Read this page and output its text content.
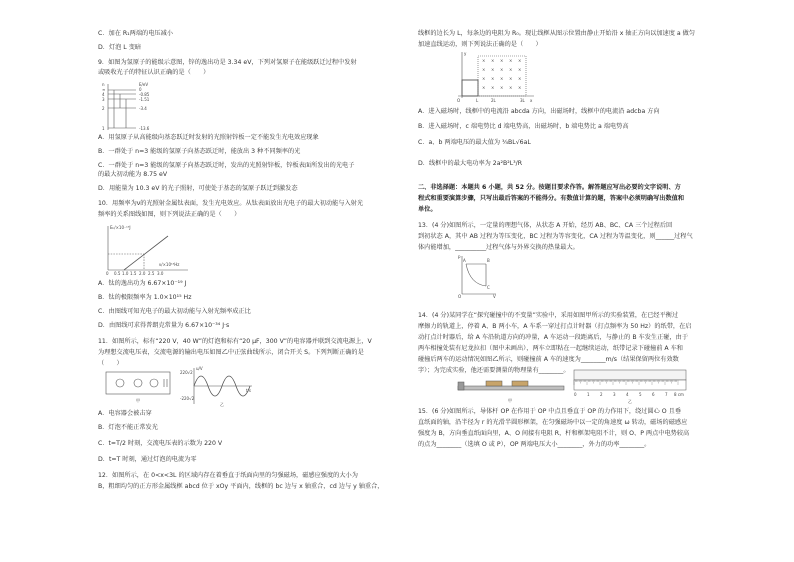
C．加在 R₁两端的电压减小
D．灯泡 L 变暗
9．如图为氢原子的能级示意图，锌的逸出功是 3.34 eV，下列对氢原子在能级跃迁过程中发射
或吸收光子的特征认识正确的是（　　）
n
∞
4
3
2
1
E/eV
0
-0.85
-1.51
-3.4
-13.6
A．用氢原子从高能级向基态跃迁时发射的光照射锌板一定不能发生光电效应现象
B．一群处于 n=3 能级的氢原子向基态跃迁时，能放出 3 种不同频率的光
C．一群处于 n=3 能级的氢原子向基态跃迁时，发出的光照射锌板，锌板表面所发出的光电子
的最大初动能为 8.75 eV
D．用能量为 10.3 eV 的光子照射，可使处于基态的氢原子跃迁到激发态
10．用频率为ν的光照射金属钛表面，发生光电效应。从钛表面放出光电子的最大初动能与入射光
频率的关系图线如图，则下列说法正确的是（　　）
Eₖ/×10⁻¹⁹J
ν/×10¹⁵Hz
0 0.5 1.0 1.5 2.0 2.5 3.0
A．钛的逸出功为 6.67×10⁻¹⁹ J
B．钛的极限频率为 1.0×10¹⁵ Hz
C．由图线可知光电子的最大初动能与入射光频率成正比
D．由图线可求得普朗克常量为 6.67×10⁻³⁴ J·s
11．如图所示，标有“220 V，40 W”的灯泡和标有“20 μF，300 V”的电容器并联到交流电源上，V
为理想交流电压表，交流电源的输出电压如图乙中正弦曲线所示，闭合开关 S。下列判断正确的是
（　　）
甲
u/V
220√2
-220√2
t/s
乙
A．电容器会被击穿
B．灯泡不能正常发光
C．t=T/2 时刻，交流电压表的示数为 220 V
D．t=T 时刻，通过灯泡的电流为零
12．如图所示，在 0<x<3L 的区域内存在着垂直于纸面向里的匀强磁场，磁感应强度的大小为
B，粗细均匀的正方形金属线框 abcd 位于 xOy 平面内，线框的 bc 边与 x 轴重合，cd 边与 y 轴重合，
线框的边长为 L，每条边的电阻为 R₀。现让线框从图示位置由静止开始沿 x 轴正方向以加速度 a 做匀
加速直线运动，则下列说法正确的是（　　）
× × × × ×
× × × × ×
× × × × ×
× × × × ×
y
x
O	L	2L	3L
A．进入磁场时，线框中的电流沿 abcda 方向，出磁场时，线框中的电流沿 adcba 方向
B．进入磁场时，c 端电势比 d 端电势高，出磁场时，b 端电势比 a 端电势高
C．a、b 两端电压的最大值为 ¾BL√6aL
D．线框中的最大电功率为 2a²B²L³/R
二、非选择题：本题共 6 小题，共 52 分。按题目要求作答。解答题应写出必要的文字说明、方
程式和重要演算步骤，只写出最后答案的不能得分。有数值计算的题，答案中必须明确写出数值和
单位。
13．(4 分)如图所示，一定量的理想气体，从状态 A 开始，经历 AB、BC、CA 三个过程后回
到初状态 A，其中 AB 过程为等压变化，BC 过程为等容变化，CA 过程为等温变化，则______过程气
体内能增加，__________过程气体与外界交换的热量最大。
p
V
O
A	B
C
14．(4 分)某同学在“探究碰撞中的不变量”实验中，采用如图甲所示的实验装置，在已经平衡过
摩擦力的轨道上，停着 A、B 两小车，A 车系一穿过打点计时器（打点频率为 50 Hz）的纸带，在启
动打点计时器后，给 A 车沿轨道方向的冲量，A 车运动一段距离后，与静止的 B 车发生正碰，由于
两车相撞处装有尼龙拉扣（图中未画出），两车立即粘在一起继续运动，纸带记录下碰撞前 A 车和
碰撞后两车的运动情况如图乙所示，则碰撞前 A 车的速度为________m/s（结果保留两位有效数
字）；为完成实验，他还需要测量的物理量有________。
甲
0	1	2	3	4	5	6	7 8 cm
乙
15．(6 分)如图所示，导体杆 OP 在作用于 OP 中点且垂直于 OP 的力作用下，绕过圆心 O 且垂
直纸面的轴，沿半径为 r 的光滑半圆形框架，在匀强磁场中以一定的角速度 ω 转动，磁场的磁感应
强度为 B，方向垂直纸面向里，A、O 间接有电阻 R，杆和框架电阻不计，则 O、P 两点中电势较高
的点为________（选填 O 或 P），OP 两端电压大小________，外力的功率________。
